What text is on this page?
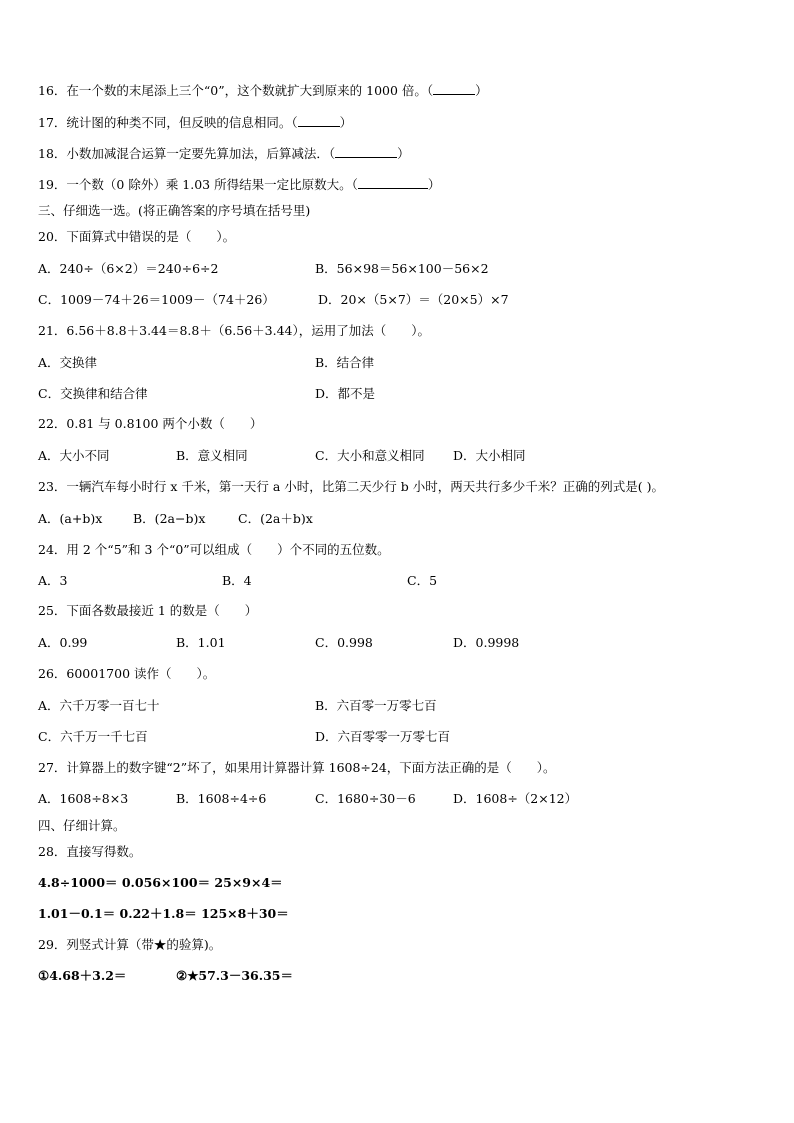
16．在一个数的末尾添上三个“0”，这个数就扩大到原来的 1000 倍。（	）
17．统计图的种类不同，但反映的信息相同。（	）
18．小数加减混合运算一定要先算加法，后算减法．（	）
19．一个数（0 除外）乘 1.03 所得结果一定比原数大。（	）
三、仔细选一选。(将正确答案的序号填在括号里)
20．下面算式中错误的是（　　）。
A．240÷（6×2）＝240÷6÷2	B．56×98＝56×100－56×2
C．1009－74＋26＝1009－（74＋26）	D．20×（5×7）＝（20×5）×7
21．6.56＋8.8＋3.44＝8.8＋（6.56＋3.44），运用了加法（　　）。
A．交换律	B．结合律
C．交换律和结合律	D．都不是
22．0.81 与 0.8100 两个小数（　　）
A．大小不同	B．意义相同	C．大小和意义相同 D．大小相同
23．一辆汽车每小时行 x 千米，第一天行 a 小时，比第二天少行 b 小时，两天共行多少千米？正确的列式是( )。
A．(a+b)x B．(2a−b)x	C．(2a＋b)x
24．用 2 个“5”和 3 个“0”可以组成（　　）个不同的五位数。
A．3	B．4	C．5
25．下面各数最接近 1 的数是（　　）
A．0.99	B．1.01	C．0.998	D．0.9998
26．60001700 读作（　　）。
A．六千万零一百七十	B．六百零一万零七百
C．六千万一千七百	D．六百零零一万零七百
27．计算器上的数字键“2”坏了，如果用计算器计算 1608÷24，下面方法正确的是（　　）。
A．1608÷8×3	B．1608÷4÷6	C．1680÷30－6	D．1608÷（2×12）
四、仔细计算。
28．直接写得数。
4.8÷1000＝ 0.056×100＝ 25×9×4＝
1.01－0.1＝ 0.22＋1.8＝ 125×8＋30＝
29．列竖式计算（带★的验算)。
①4.68＋3.2＝	②★57.3－36.35＝
